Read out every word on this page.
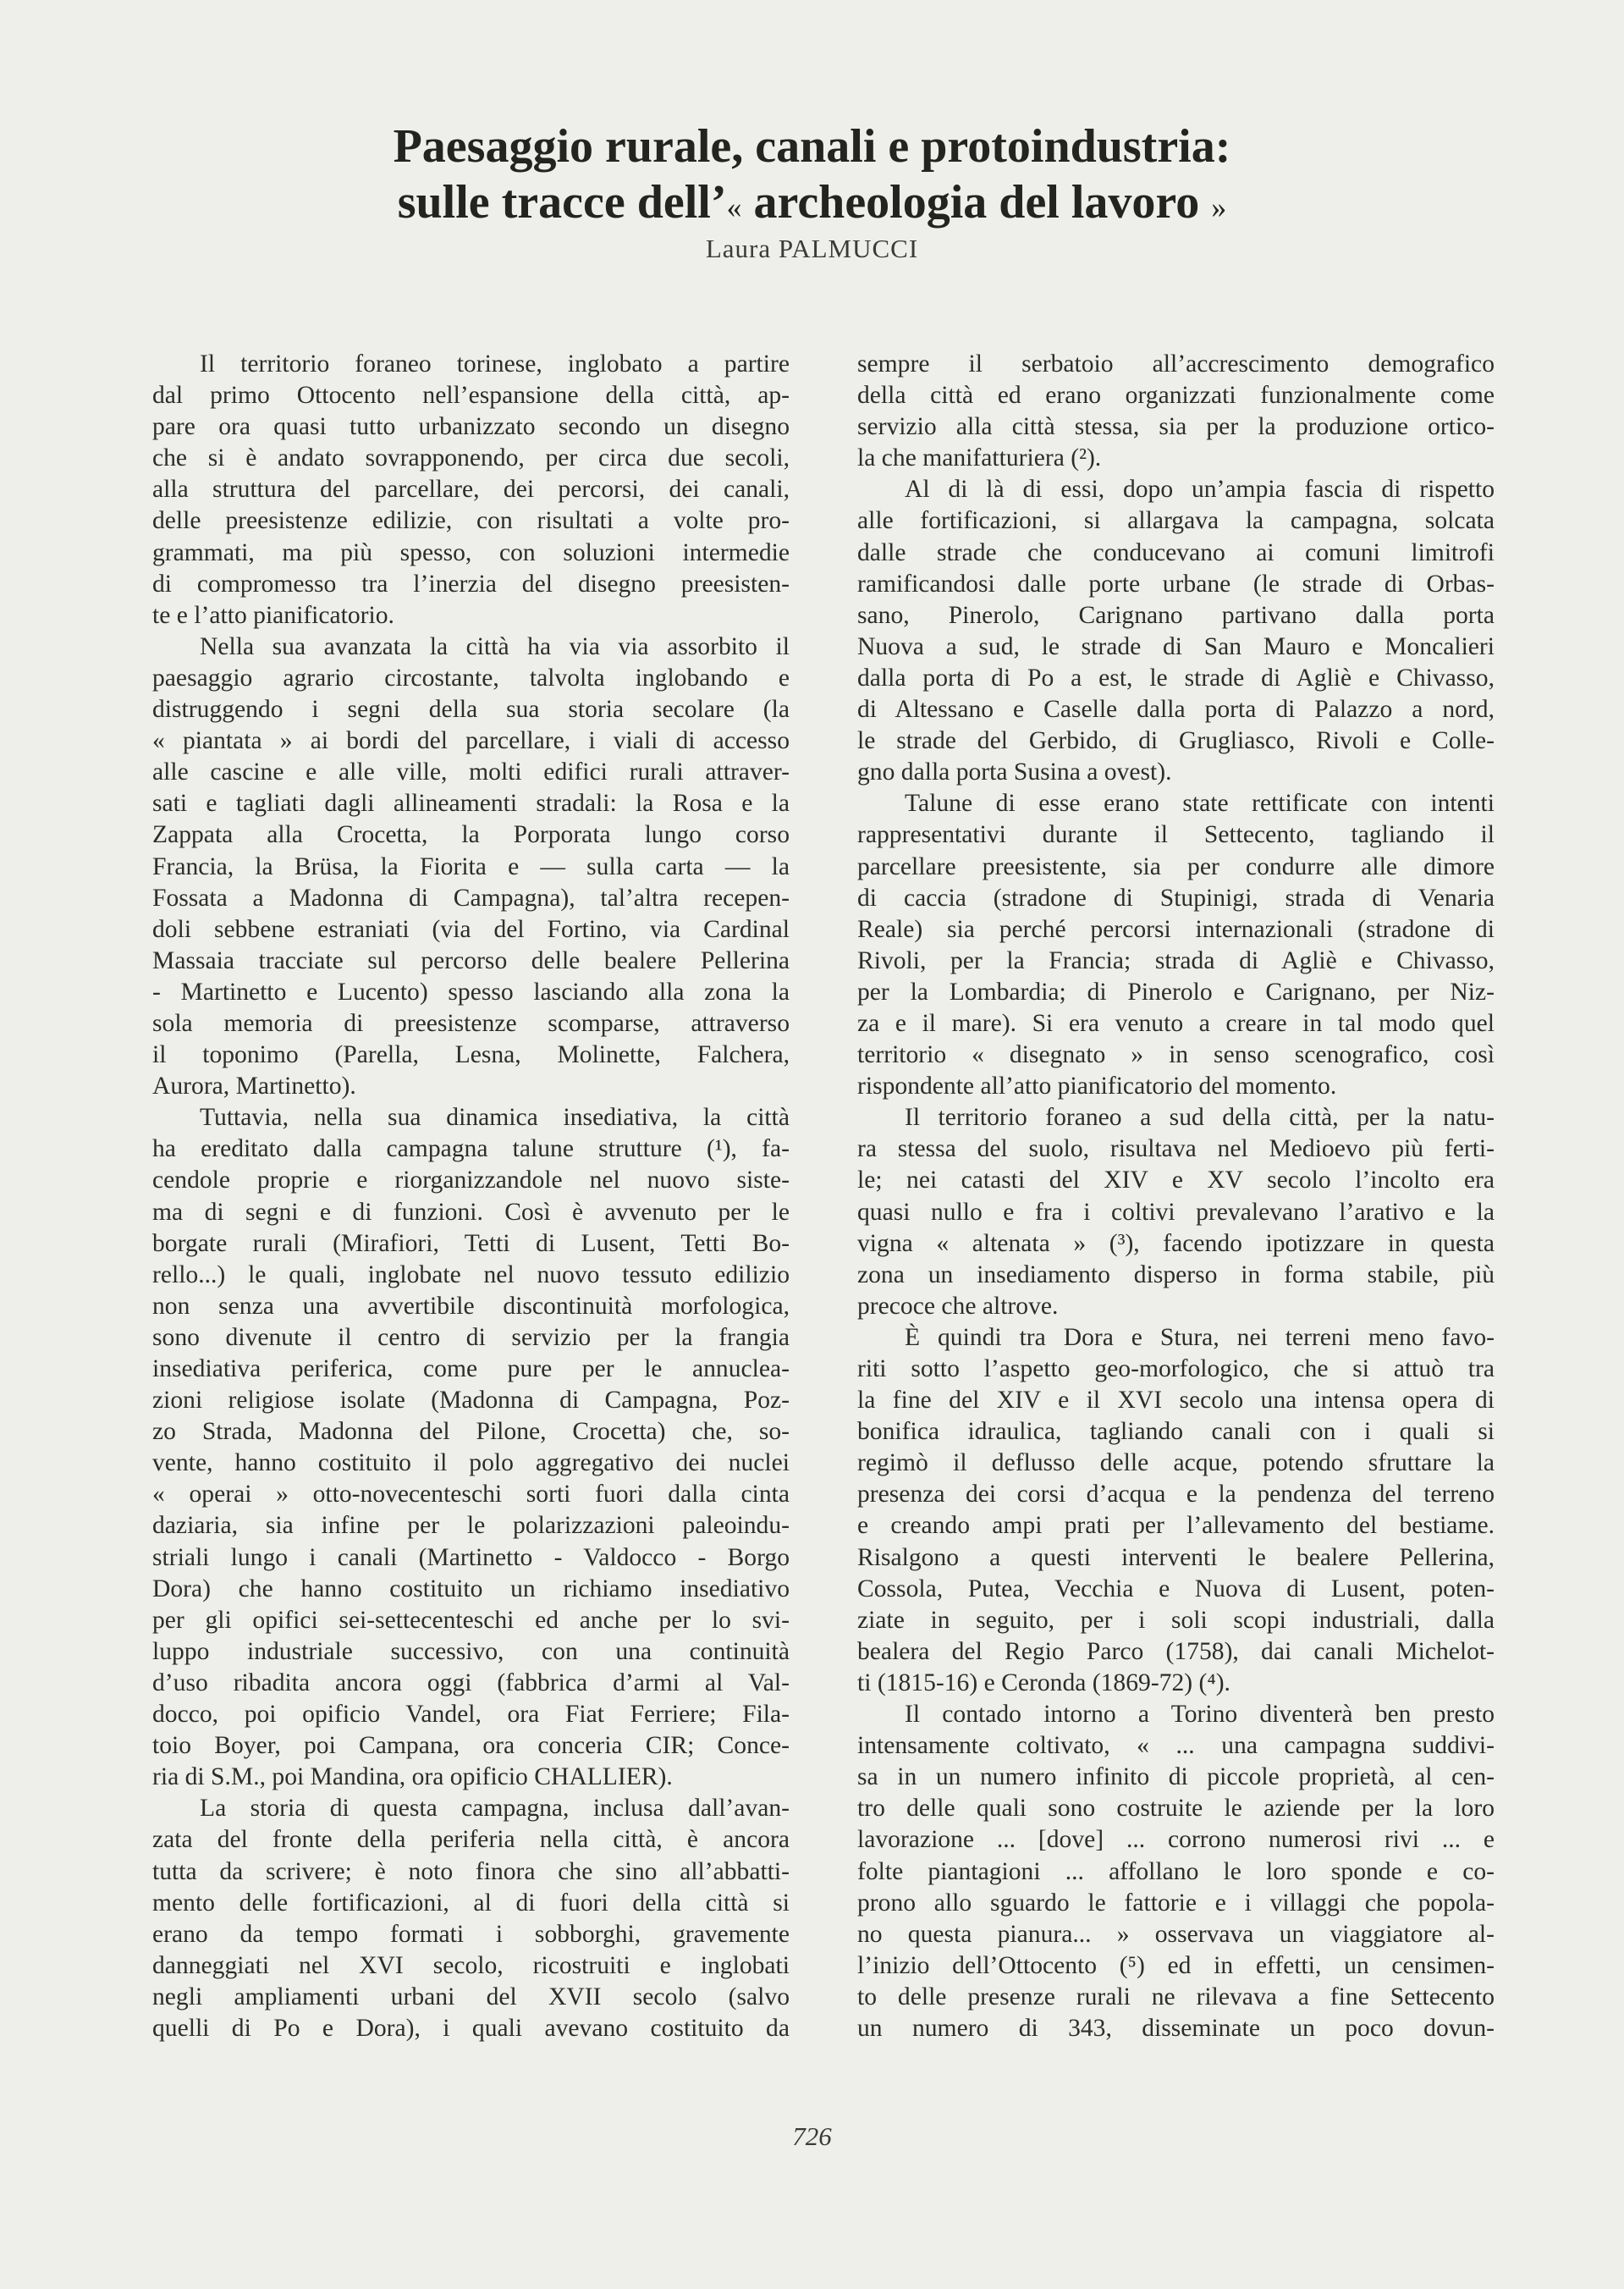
Paesaggio rurale, canali e protoindustria:
sulle tracce dell’« archeologia del lavoro »
Laura PALMUCCI
Il territorio foraneo torinese, inglobato a partire
dal primo Ottocento nell’espansione della città, ap-
pare ora quasi tutto urbanizzato secondo un disegno
che si è andato sovrapponendo, per circa due secoli,
alla struttura del parcellare, dei percorsi, dei canali,
delle preesistenze edilizie, con risultati a volte pro-
grammati, ma più spesso, con soluzioni intermedie
di compromesso tra l’inerzia del disegno preesisten-
te e l’atto pianificatorio.
Nella sua avanzata la città ha via via assorbito il
paesaggio agrario circostante, talvolta inglobando e
distruggendo i segni della sua storia secolare (la
« piantata » ai bordi del parcellare, i viali di accesso
alle cascine e alle ville, molti edifici rurali attraver-
sati e tagliati dagli allineamenti stradali: la Rosa e la
Zappata alla Crocetta, la Porporata lungo corso
Francia, la Brüsa, la Fiorita e — sulla carta — la
Fossata a Madonna di Campagna), tal’altra recepen-
doli sebbene estraniati (via del Fortino, via Cardinal
Massaia tracciate sul percorso delle bealere Pellerina
- Martinetto e Lucento) spesso lasciando alla zona la
sola memoria di preesistenze scomparse, attraverso
il toponimo (Parella, Lesna, Molinette, Falchera,
Aurora, Martinetto).
Tuttavia, nella sua dinamica insediativa, la città
ha ereditato dalla campagna talune strutture (¹), fa-
cendole proprie e riorganizzandole nel nuovo siste-
ma di segni e di funzioni. Così è avvenuto per le
borgate rurali (Mirafiori, Tetti di Lusent, Tetti Bo-
rello...) le quali, inglobate nel nuovo tessuto edilizio
non senza una avvertibile discontinuità morfologica,
sono divenute il centro di servizio per la frangia
insediativa periferica, come pure per le annuclea-
zioni religiose isolate (Madonna di Campagna, Poz-
zo Strada, Madonna del Pilone, Crocetta) che, so-
vente, hanno costituito il polo aggregativo dei nuclei
« operai » otto-novecenteschi sorti fuori dalla cinta
daziaria, sia infine per le polarizzazioni paleoindu-
striali lungo i canali (Martinetto - Valdocco - Borgo
Dora) che hanno costituito un richiamo insediativo
per gli opifici sei-settecenteschi ed anche per lo svi-
luppo industriale successivo, con una continuità
d’uso ribadita ancora oggi (fabbrica d’armi al Val-
docco, poi opificio Vandel, ora Fiat Ferriere; Fila-
toio Boyer, poi Campana, ora conceria CIR; Conce-
ria di S.M., poi Mandina, ora opificio CHALLIER).
La storia di questa campagna, inclusa dall’avan-
zata del fronte della periferia nella città, è ancora
tutta da scrivere; è noto finora che sino all’abbatti-
mento delle fortificazioni, al di fuori della città si
erano da tempo formati i sobborghi, gravemente
danneggiati nel XVI secolo, ricostruiti e inglobati
negli ampliamenti urbani del XVII secolo (salvo
quelli di Po e Dora), i quali avevano costituito da
sempre il serbatoio all’accrescimento demografico
della città ed erano organizzati funzionalmente come
servizio alla città stessa, sia per la produzione ortico-
la che manifatturiera (²).
Al di là di essi, dopo un’ampia fascia di rispetto
alle fortificazioni, si allargava la campagna, solcata
dalle strade che conducevano ai comuni limitrofi
ramificandosi dalle porte urbane (le strade di Orbas-
sano, Pinerolo, Carignano partivano dalla porta
Nuova a sud, le strade di San Mauro e Moncalieri
dalla porta di Po a est, le strade di Agliè e Chivasso,
di Altessano e Caselle dalla porta di Palazzo a nord,
le strade del Gerbido, di Grugliasco, Rivoli e Colle-
gno dalla porta Susina a ovest).
Talune di esse erano state rettificate con intenti
rappresentativi durante il Settecento, tagliando il
parcellare preesistente, sia per condurre alle dimore
di caccia (stradone di Stupinigi, strada di Venaria
Reale) sia perché percorsi internazionali (stradone di
Rivoli, per la Francia; strada di Agliè e Chivasso,
per la Lombardia; di Pinerolo e Carignano, per Niz-
za e il mare). Si era venuto a creare in tal modo quel
territorio « disegnato » in senso scenografico, così
rispondente all’atto pianificatorio del momento.
Il territorio foraneo a sud della città, per la natu-
ra stessa del suolo, risultava nel Medioevo più ferti-
le; nei catasti del XIV e XV secolo l’incolto era
quasi nullo e fra i coltivi prevalevano l’arativo e la
vigna « altenata » (³), facendo ipotizzare in questa
zona un insediamento disperso in forma stabile, più
precoce che altrove.
È quindi tra Dora e Stura, nei terreni meno favo-
riti sotto l’aspetto geo-morfologico, che si attuò tra
la fine del XIV e il XVI secolo una intensa opera di
bonifica idraulica, tagliando canali con i quali si
regimò il deflusso delle acque, potendo sfruttare la
presenza dei corsi d’acqua e la pendenza del terreno
e creando ampi prati per l’allevamento del bestiame.
Risalgono a questi interventi le bealere Pellerina,
Cossola, Putea, Vecchia e Nuova di Lusent, poten-
ziate in seguito, per i soli scopi industriali, dalla
bealera del Regio Parco (1758), dai canali Michelot-
ti (1815-16) e Ceronda (1869-72) (⁴).
Il contado intorno a Torino diventerà ben presto
intensamente coltivato, « ... una campagna suddivi-
sa in un numero infinito di piccole proprietà, al cen-
tro delle quali sono costruite le aziende per la loro
lavorazione ... [dove] ... corrono numerosi rivi ... e
folte piantagioni ... affollano le loro sponde e co-
prono allo sguardo le fattorie e i villaggi che popola-
no questa pianura... » osservava un viaggiatore al-
l’inizio dell’Ottocento (⁵) ed in effetti, un censimen-
to delle presenze rurali ne rilevava a fine Settecento
un numero di 343, disseminate un poco dovun-
726
